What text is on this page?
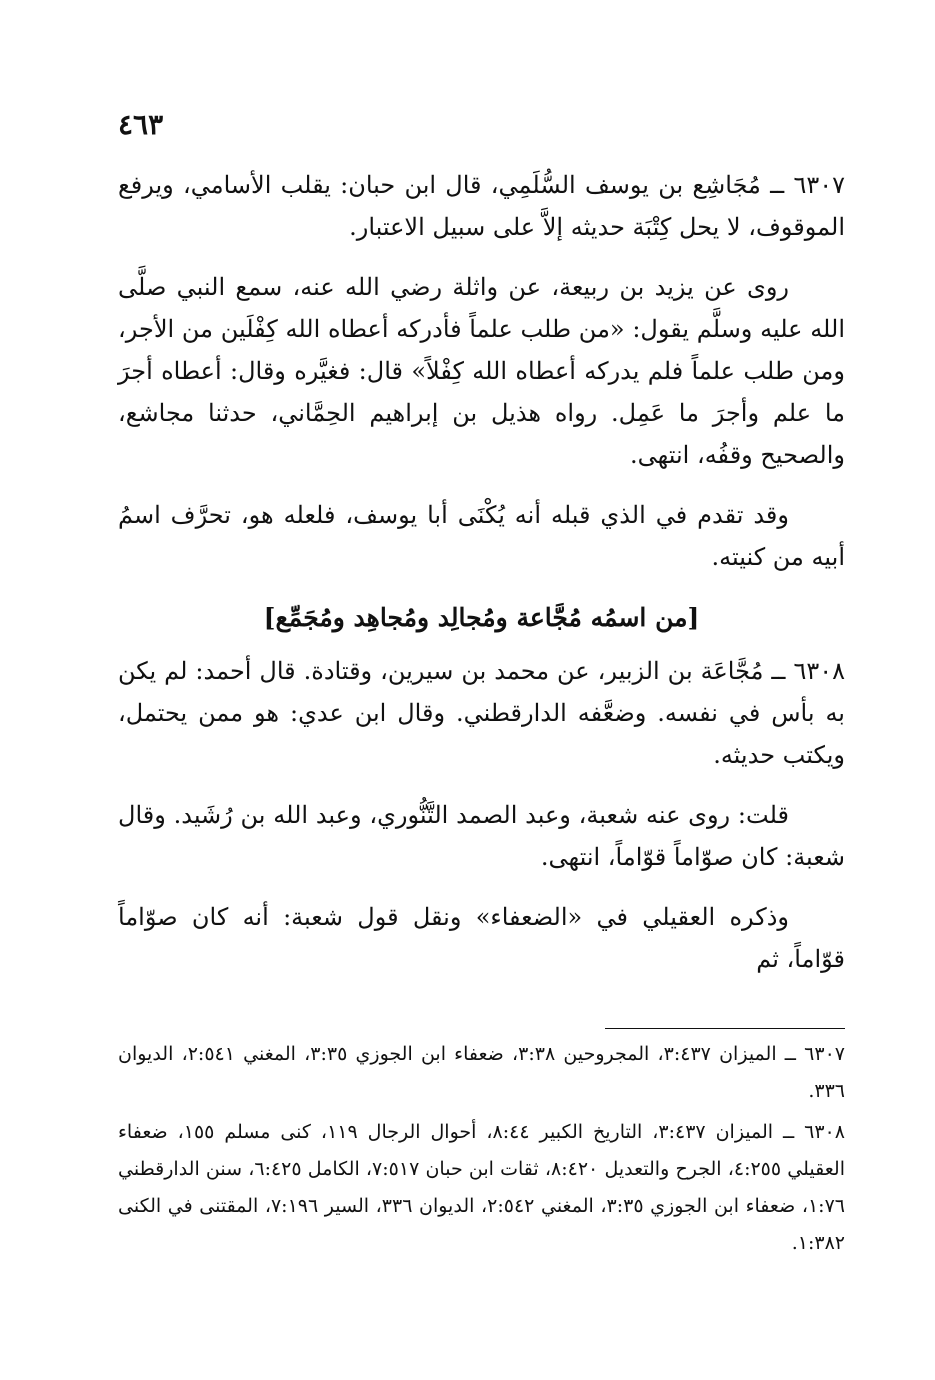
٤٦٣

٦٣٠٧ ــ مُجَاشِع بن يوسف السُّلَمِي، قال ابن حبان: يقلب الأسامي، ويرفع الموقوف، لا يحل كِتْبَة حديثه إلاَّ على سبيل الاعتبار.

روى عن يزيد بن ربيعة، عن واثلة رضي الله عنه، سمع النبي صلَّى الله عليه وسلَّم يقول: «من طلب علماً فأدركه أعطاه الله كِفْلَين من الأجر، ومن طلب علماً فلم يدركه أعطاه الله كِفْلاً» قال: فغيَّره وقال: أعطاه أجرَ ما علم وأجرَ ما عَمِل. رواه هذيل بن إبراهيم الحِمَّاني، حدثنا مجاشع، والصحيح وقفُه، انتهى.

وقد تقدم في الذي قبله أنه يُكْنَى أبا يوسف، فلعله هو، تحرَّف اسمُ أبيه من كنيته.

[من اسمُه مُجَّاعة ومُجالِد ومُجاهِد ومُجَمِّع]

٦٣٠٨ ــ مُجَّاعَة بن الزبير، عن محمد بن سيرين، وقتادة. قال أحمد: لم يكن به بأس في نفسه. وضعَّفه الدارقطني. وقال ابن عدي: هو ممن يحتمل، ويكتب حديثه.

قلت: روى عنه شعبة، وعبد الصمد التَّنُّوري، وعبد الله بن رُشَيد. وقال شعبة: كان صوّاماً قوّاماً، انتهى.

وذكره العقيلي في «الضعفاء» ونقل قول شعبة: أنه كان صوّاماً قوّاماً، ثم

٦٣٠٧ ــ الميزان ٣:٤٣٧، المجروحين ٣:٣٨، ضعفاء ابن الجوزي ٣:٣٥، المغني ٢:٥٤١، الديوان ٣٣٦.

٦٣٠٨ ــ الميزان ٣:٤٣٧، التاريخ الكبير ٨:٤٤، أحوال الرجال ١١٩، كنى مسلم ١٥٥، ضعفاء العقيلي ٤:٢٥٥، الجرح والتعديل ٨:٤٢٠، ثقات ابن حبان ٧:٥١٧، الكامل ٦:٤٢٥، سنن الدارقطني ١:٧٦، ضعفاء ابن الجوزي ٣:٣٥، المغني ٢:٥٤٢، الديوان ٣٣٦، السير ٧:١٩٦، المقتنى في الكنى ١:٣٨٢.
